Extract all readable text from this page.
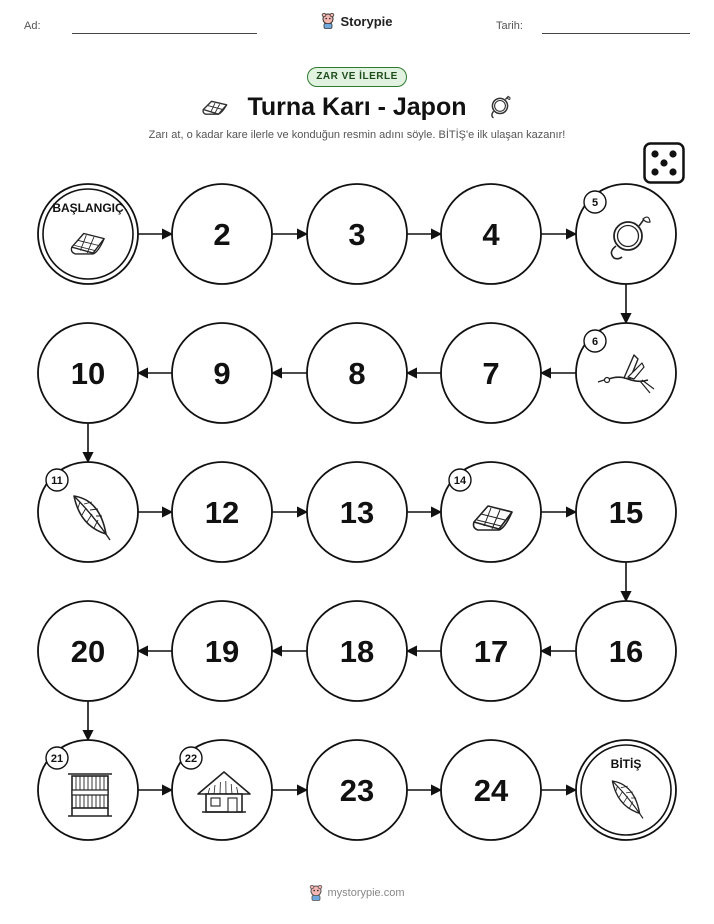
Ad:	Storypie	Tarih:
ZAR VE İLERLE
Turna Karı - Japon
Zarı at, o kadar kare ilerle ve konduğun resmin adını söyle. BİTİŞ'e ilk ulaşan kazanır!
BAŞLANGIÇ
2	3	4
5
6
7
8
9
10
11
12	13
14
15
16
17
18
19
20
21	22
23	24
BİTİŞ
mystorypie.com
